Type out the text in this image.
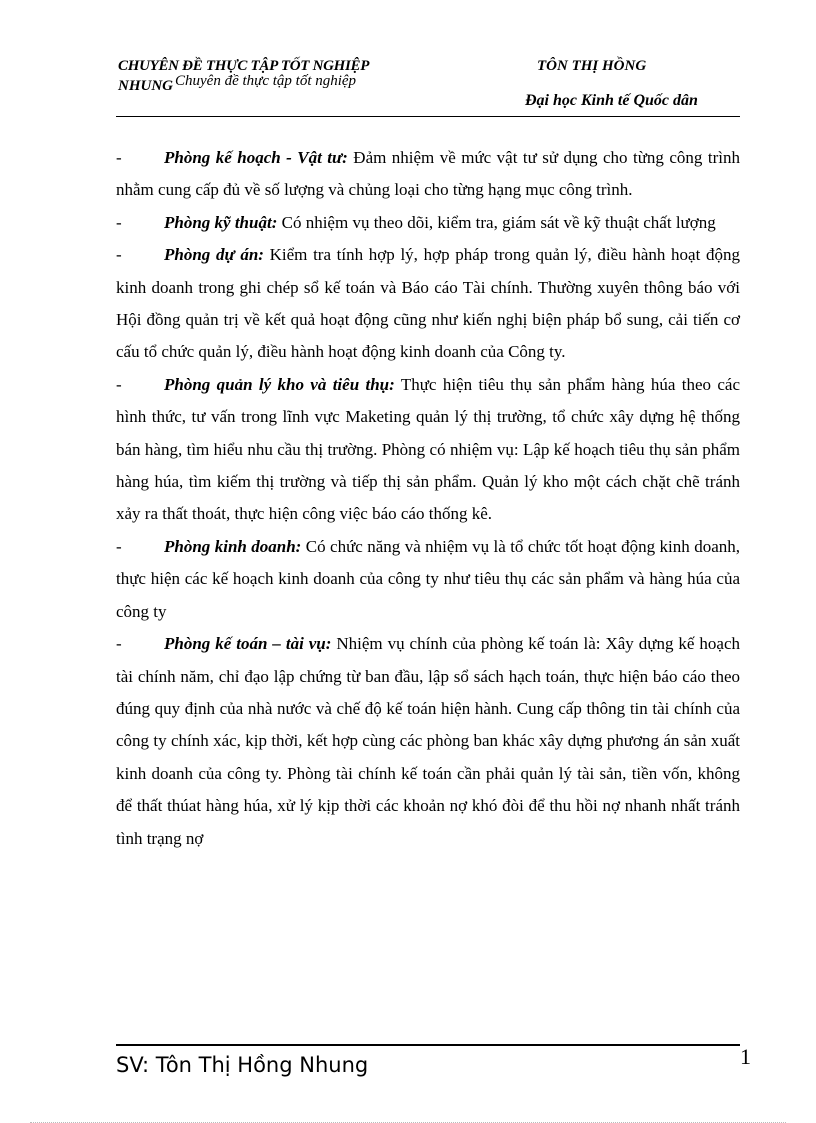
CHUYÊN ĐỀ THỰC TẬP TỐT NGHIỆP
NHUNG Chuyên đề thực tập tốt nghiệp
TÔN THỊ HỒNG
Đại học Kinh tế Quốc dân

- Phòng kế hoạch - Vật tư: Đảm nhiệm về mức vật tư sử dụng cho từng công trình nhằm cung cấp đủ về số lượng và chủng loại cho từng hạng mục công trình.

- Phòng kỹ thuật: Có nhiệm vụ theo dõi, kiểm tra, giám sát về kỹ thuật chất lượng

- Phòng dự án: Kiểm tra tính hợp lý, hợp pháp trong quản lý, điều hành hoạt động kinh doanh trong ghi chép sổ kế toán và Báo cáo Tài chính. Thường xuyên thông báo với Hội đồng quản trị về kết quả hoạt động cũng như kiến nghị biện pháp bổ sung, cải tiến cơ cấu tổ chức quản lý, điều hành hoạt động kinh doanh của Công ty.

- Phòng quản lý kho và tiêu thụ: Thực hiện tiêu thụ sản phẩm hàng húa theo các hình thức, tư vấn trong lĩnh vực Maketing quản lý thị trường, tổ chức xây dựng hệ thống bán hàng, tìm hiểu nhu cầu thị trường. Phòng có nhiệm vụ: Lập kế hoạch tiêu thụ sản phẩm hàng húa, tìm kiếm thị trường và tiếp thị sản phẩm. Quản lý kho một cách chặt chẽ tránh xảy ra thất thoát, thực hiện công việc báo cáo thống kê.

- Phòng kinh doanh: Có chức năng và nhiệm vụ là tổ chức tốt hoạt động kinh doanh, thực hiện các kế hoạch kinh doanh của công ty như tiêu thụ các sản phẩm và hàng húa của công ty

- Phòng kế toán – tài vụ: Nhiệm vụ chính của phòng kế toán là: Xây dựng kế hoạch tài chính năm, chỉ đạo lập chứng từ ban đầu, lập sổ sách hạch toán, thực hiện báo cáo theo đúng quy định của nhà nước và chế độ kế toán hiện hành. Cung cấp thông tin tài chính của công ty chính xác, kịp thời, kết hợp cùng các phòng ban khác xây dựng phương án sản xuất kinh doanh của công ty. Phòng tài chính kế toán cần phải quản lý tài sản, tiền vốn, không để thất thúat hàng húa, xử lý kịp thời các khoản nợ khó đòi để thu hồi nợ nhanh nhất tránh tình trạng nợ

SV: Tôn Thị Hồng Nhung	1
